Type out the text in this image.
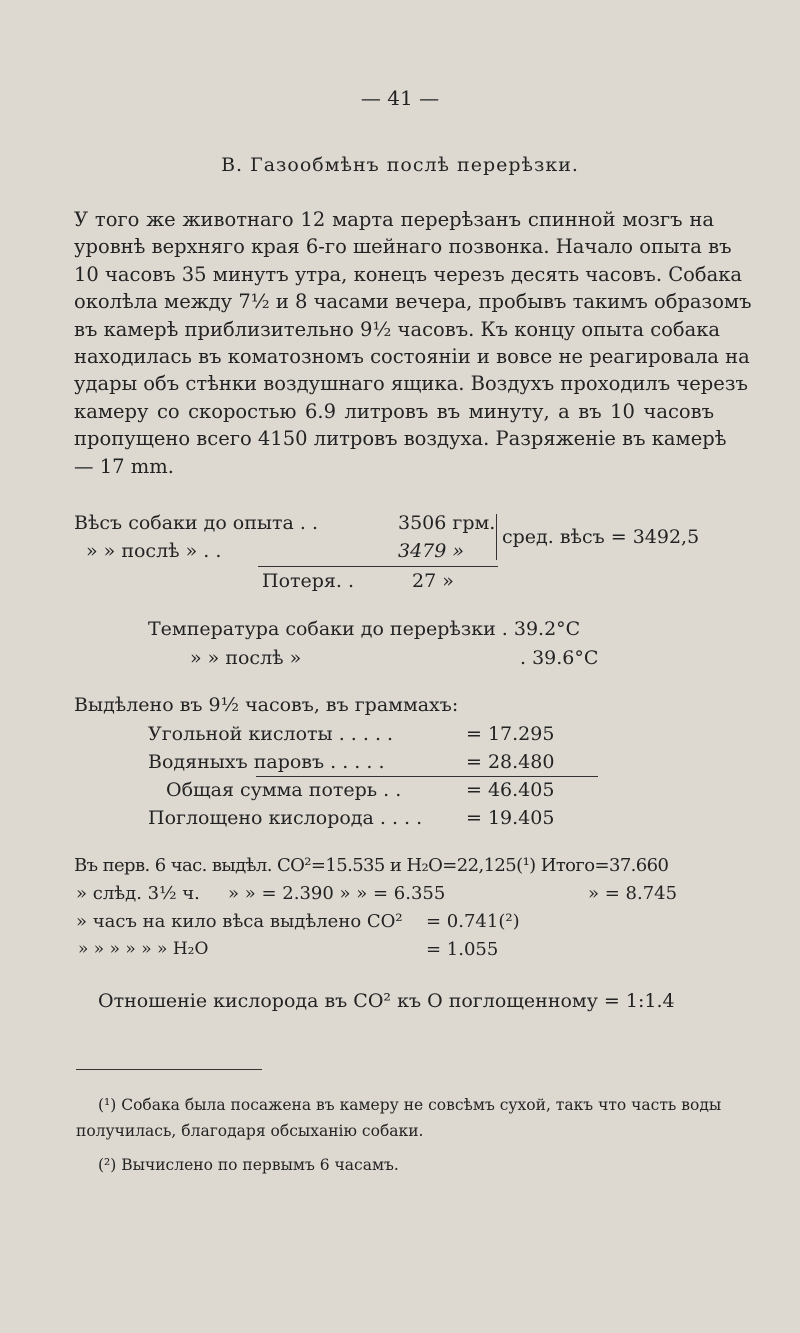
— 41 —
В. Газообмѣнъ послѣ перерѣзки.
У того же животнаго 12 марта перерѣзанъ спинной мозгъ на
уровнѣ верхняго края 6-го шейнаго позвонка. Начало опыта въ
10 часовъ 35 минутъ утра, конецъ черезъ десять часовъ. Собака
околѣла между 7½ и 8 часами вечера, пробывъ такимъ образомъ
въ камерѣ приблизительно 9½ часовъ. Къ концу опыта собака
находилась въ коматозномъ состояніи и вовсе не реагировала на
удары объ стѣнки воздушнаго ящика. Воздухъ проходилъ черезъ
камеру со скоростью 6.9 литровъ въ минуту, а въ 10 часовъ
пропущено всего 4150 литровъ воздуха. Разряженіе въ камерѣ
— 17 mm.
Вѣсъ собаки до опыта . .	3506 грм.
» » послѣ » . .	3479 »
сред. вѣсъ = 3492,5
Потеря. .	27 »
Температура собаки до перерѣзки . 39.2°C
» » послѣ »	. 39.6°C
Выдѣлено въ 9½ часовъ, въ граммахъ:
Угольной кислоты . . . . .	= 17.295
Водяныхъ паровъ . . . . .	= 28.480
Общая сумма потерь . .	= 46.405
Поглощено кислорода . . . . = 19.405
Въ перв. 6 час. выдѣл. CO²=15.535 и H₂O=22,125(¹) Итого=37.660
» слѣд. 3½ ч. » » = 2.390 » » = 6.355	» = 8.745
» часъ на кило вѣса выдѣлено CO² = 0.741(²)
» » » » » » H₂O	= 1.055
Отношеніе кислорода въ CO² къ O поглощенному = 1:1.4
(¹) Собака была посажена въ камеру не совсѣмъ сухой, такъ что часть воды
получилась, благодаря обсыханію собаки.
(²) Вычислено по первымъ 6 часамъ.
